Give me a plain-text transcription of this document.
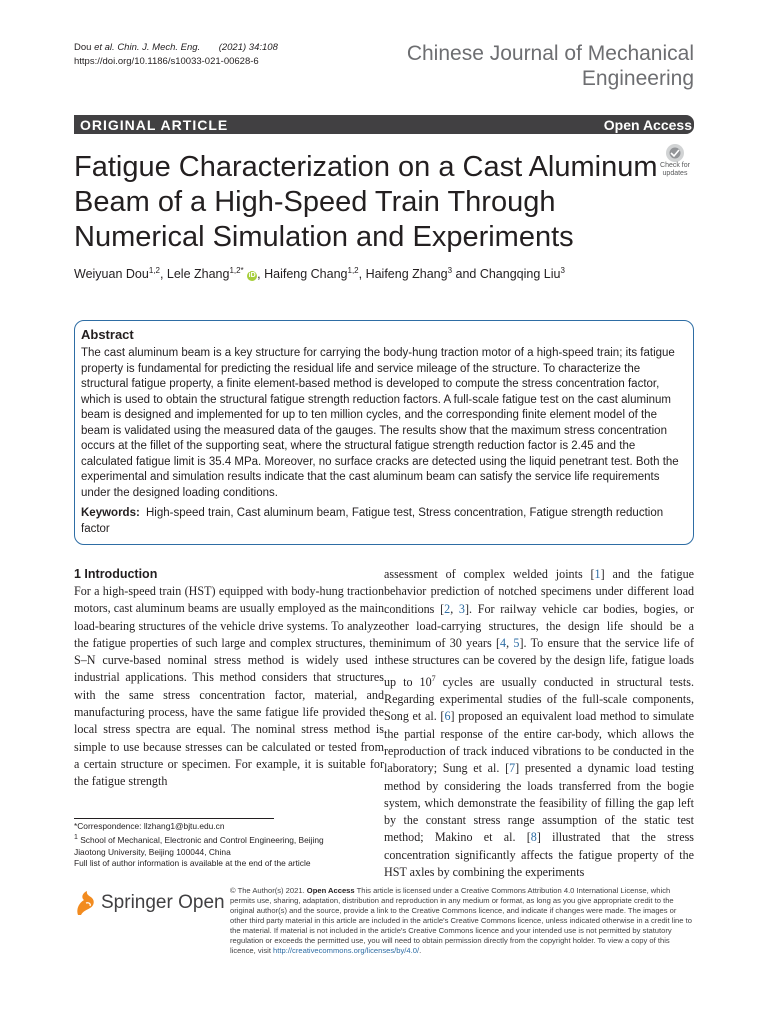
Dou et al. Chin. J. Mech. Eng. (2021) 34:108
https://doi.org/10.1186/s10033-021-00628-6	Chinese Journal of Mechanical
Engineering
ORIGINAL ARTICLE	Open Access
Fatigue Characterization on a Cast Aluminum Beam of a High-Speed Train Through Numerical Simulation and Experiments
Check for
updates
Weiyuan Dou$^{1,2}$, Lele Zhang$^{1,2*}$ iD , Haifeng Chang$^{1,2}$, Haifeng Zhang$^3$ and Changqing Liu$^3$
Abstract
The cast aluminum beam is a key structure for carrying the body-hung traction motor of a high-speed train; its fatigue property is fundamental for predicting the residual life and service mileage of the structure. To characterize the structural fatigue property, a finite element-based method is developed to compute the stress concentration factor, which is used to obtain the structural fatigue strength reduction factors. A full-scale fatigue test on the cast aluminum beam is designed and implemented for up to ten million cycles, and the corresponding finite element model of the beam is validated using the measured data of the gauges. The results show that the maximum stress concentration occurs at the fillet of the supporting seat, where the structural fatigue strength reduction factor is 2.45 and the calculated fatigue limit is 35.4 MPa. Moreover, no surface cracks are detected using the liquid penetrant test. Both the experimental and simulation results indicate that the cast aluminum beam can satisfy the service life requirements under the designed loading conditions.
Keywords: High-speed train, Cast aluminum beam, Fatigue test, Stress concentration, Fatigue strength reduction factor
1 Introduction
For a high-speed train (HST) equipped with body-hung traction motors, cast aluminum beams are usually employed as the main load-bearing structures of the vehicle drive systems. To analyze the fatigue properties of such large and complex structures, the S–N curve-based nominal stress method is widely used in industrial applications. This method considers that structures with the same stress concentration factor, material, and manufacturing process, have the same fatigue life provided the local stress spectra are equal. The nominal stress method is simple to use because stresses can be calculated or tested from a certain structure or specimen. For example, it is suitable for the fatigue strength
assessment of complex welded joints [1] and the fatigue behavior prediction of notched specimens under different load conditions [2, 3]. For railway vehicle car bodies, bogies, or other load-carrying structures, the design life should be a minimum of 30 years [4, 5]. To ensure that the service life of these structures can be covered by the design life, fatigue loads up to $10^7$ cycles are usually conducted in structural tests. Regarding experimental studies of the full-scale components, Song et al. [6] proposed an equivalent load method to simulate the partial response of the entire car-body, which allows the reproduction of track induced vibrations to be conducted in the laboratory; Sung et al. [7] presented a dynamic load testing method by considering the loads transferred from the bogie system, which demonstrate the feasibility of filling the gap left by the constant stress range assumption of the static test method; Makino et al. [8] illustrated that the stress concentration significantly affects the fatigue property of the HST axles by combining the experiments
*Correspondence: llzhang1@bjtu.edu.cn
$^1$ School of Mechanical, Electronic and Control Engineering, Beijing Jiaotong University, Beijing 100044, China
Full list of author information is available at the end of the article
Springer Open
© The Author(s) 2021. Open Access This article is licensed under a Creative Commons Attribution 4.0 International License, which permits use, sharing, adaptation, distribution and reproduction in any medium or format, as long as you give appropriate credit to the original author(s) and the source, provide a link to the Creative Commons licence, and indicate if changes were made. The images or other third party material in this article are included in the article's Creative Commons licence, unless indicated otherwise in a credit line to the material. If material is not included in the article's Creative Commons licence and your intended use is not permitted by statutory regulation or exceeds the permitted use, you will need to obtain permission directly from the copyright holder. To view a copy of this licence, visit http://creativecommons.org/licenses/by/4.0/.
